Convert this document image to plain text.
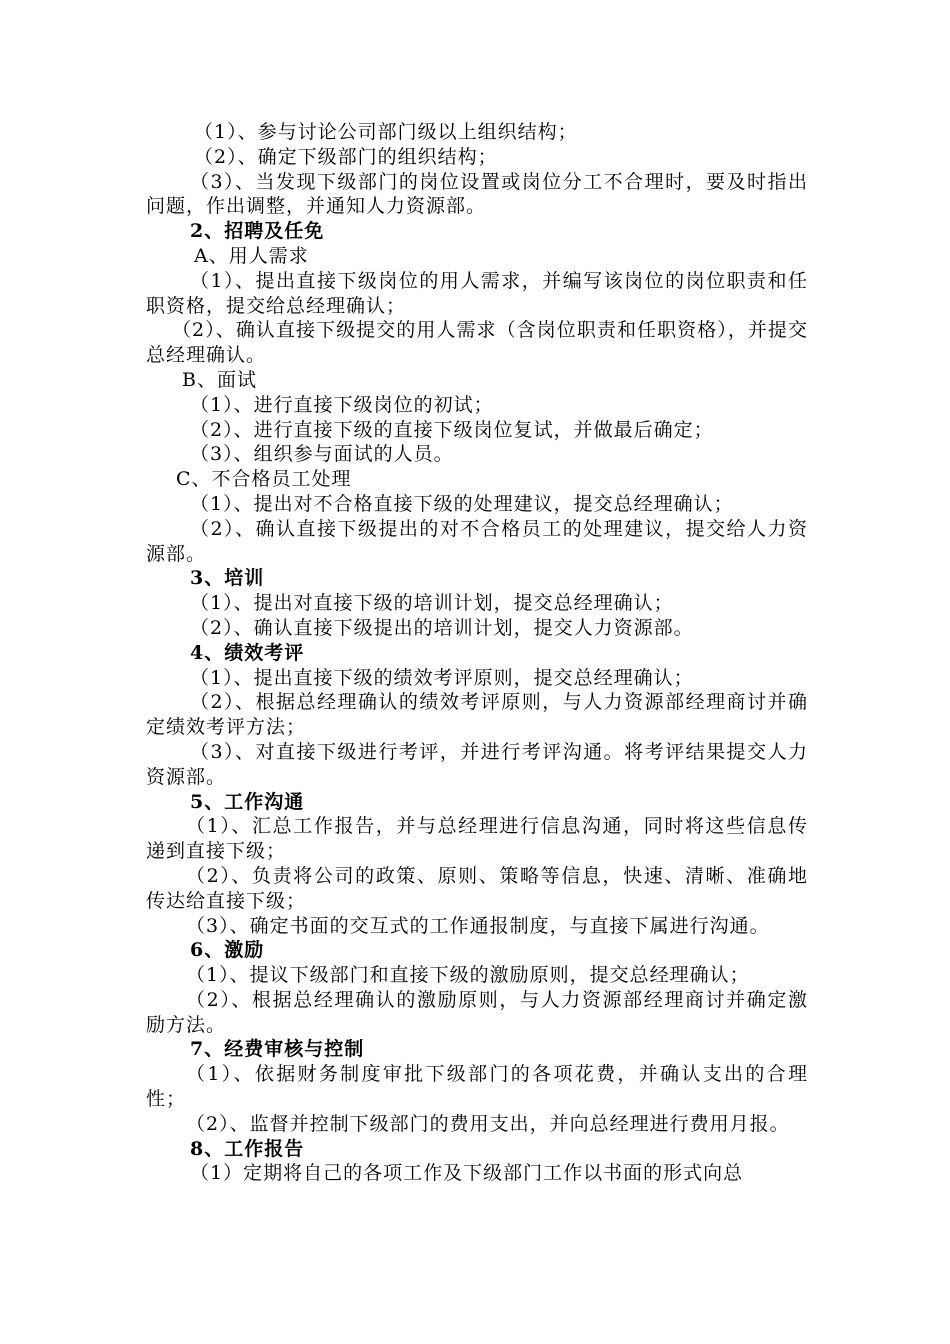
（1）、参与讨论公司部门级以上组织结构；
（2）、确定下级部门的组织结构；
（3）、当发现下级部门的岗位设置或岗位分工不合理时，要及时指出问题，作出调整，并通知人力资源部。
2、招聘及任免
A、用人需求
（1）、提出直接下级岗位的用人需求，并编写该岗位的岗位职责和任职资格，提交给总经理确认；
（2）、确认直接下级提交的用人需求（含岗位职责和任职资格），并提交总经理确认。
B、面试
（1）、进行直接下级岗位的初试；
（2）、进行直接下级的直接下级岗位复试，并做最后确定；
（3）、组织参与面试的人员。
C、不合格员工处理
（1）、提出对不合格直接下级的处理建议，提交总经理确认；
（2）、确认直接下级提出的对不合格员工的处理建议，提交给人力资源部。
3、培训
（1）、提出对直接下级的培训计划，提交总经理确认；
（2）、确认直接下级提出的培训计划，提交人力资源部。
4、绩效考评
（1）、提出直接下级的绩效考评原则，提交总经理确认；
（2）、根据总经理确认的绩效考评原则，与人力资源部经理商讨并确定绩效考评方法；
（3）、对直接下级进行考评，并进行考评沟通。将考评结果提交人力资源部。
5、工作沟通
（1）、汇总工作报告，并与总经理进行信息沟通，同时将这些信息传递到直接下级；
（2）、负责将公司的政策、原则、策略等信息，快速、清晰、准确地传达给直接下级；
（3）、确定书面的交互式的工作通报制度，与直接下属进行沟通。
6、激励
（1）、提议下级部门和直接下级的激励原则，提交总经理确认；
（2）、根据总经理确认的激励原则，与人力资源部经理商讨并确定激励方法。
7、经费审核与控制
（1）、依据财务制度审批下级部门的各项花费，并确认支出的合理性；
（2）、监督并控制下级部门的费用支出，并向总经理进行费用月报。
8、工作报告
（1）定期将自己的各项工作及下级部门工作以书面的形式向总
